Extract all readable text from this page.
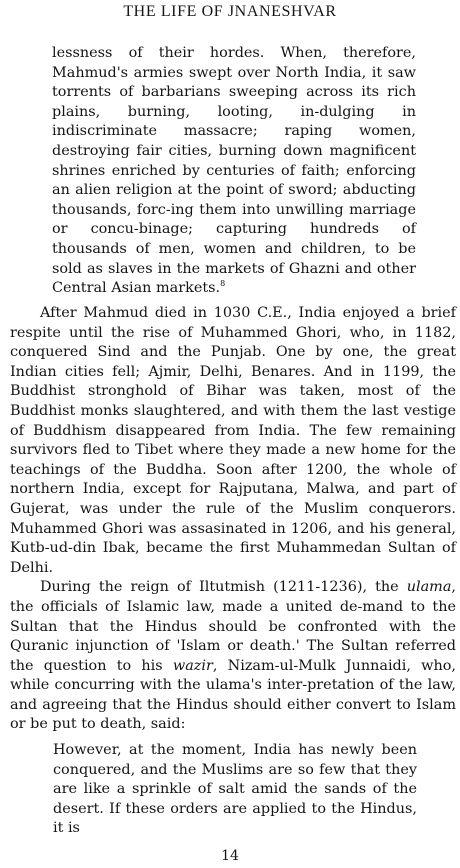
THE LIFE OF JNANESHVAR

lessness of their hordes. When, therefore, Mahmud's armies swept over North India, it saw torrents of barbarians sweeping across its rich plains, burning, looting, in-dulging in indiscriminate massacre; raping women, destroying fair cities, burning down magnificent shrines enriched by centuries of faith; enforcing an alien religion at the point of sword; abducting thousands, forc-ing them into unwilling marriage or concu-binage; capturing hundreds of thousands of men, women and children, to be sold as slaves in the markets of Ghazni and other Central Asian markets.$^8$

After Mahmud died in 1030 C.E., India enjoyed a brief respite until the rise of Muhammed Ghori, who, in 1182, conquered Sind and the Punjab. One by one, the great Indian cities fell; Ajmir, Delhi, Benares. And in 1199, the Buddhist stronghold of Bihar was taken, most of the Buddhist monks slaughtered, and with them the last vestige of Buddhism disappeared from India. The few remaining survivors fled to Tibet where they made a new home for the teachings of the Buddha. Soon after 1200, the whole of northern India, except for Rajputana, Malwa, and part of Gujerat, was under the rule of the Muslim conquerors. Muhammed Ghori was assasinated in 1206, and his general, Kutb-ud-din Ibak, became the first Muhammedan Sultan of Delhi.

During the reign of Iltutmish (1211-1236), the ulama, the officials of Islamic law, made a united de-mand to the Sultan that the Hindus should be confronted with the Quranic injunction of 'Islam or death.' The Sultan referred the question to his wazir, Nizam-ul-Mulk Junnaidi, who, while concurring with the ulama's inter-pretation of the law, and agreeing that the Hindus should either convert to Islam or be put to death, said:

However, at the moment, India has newly been conquered, and the Muslims are so few that they are like a sprinkle of salt amid the sands of the desert. If these orders are applied to the Hindus, it is

14
